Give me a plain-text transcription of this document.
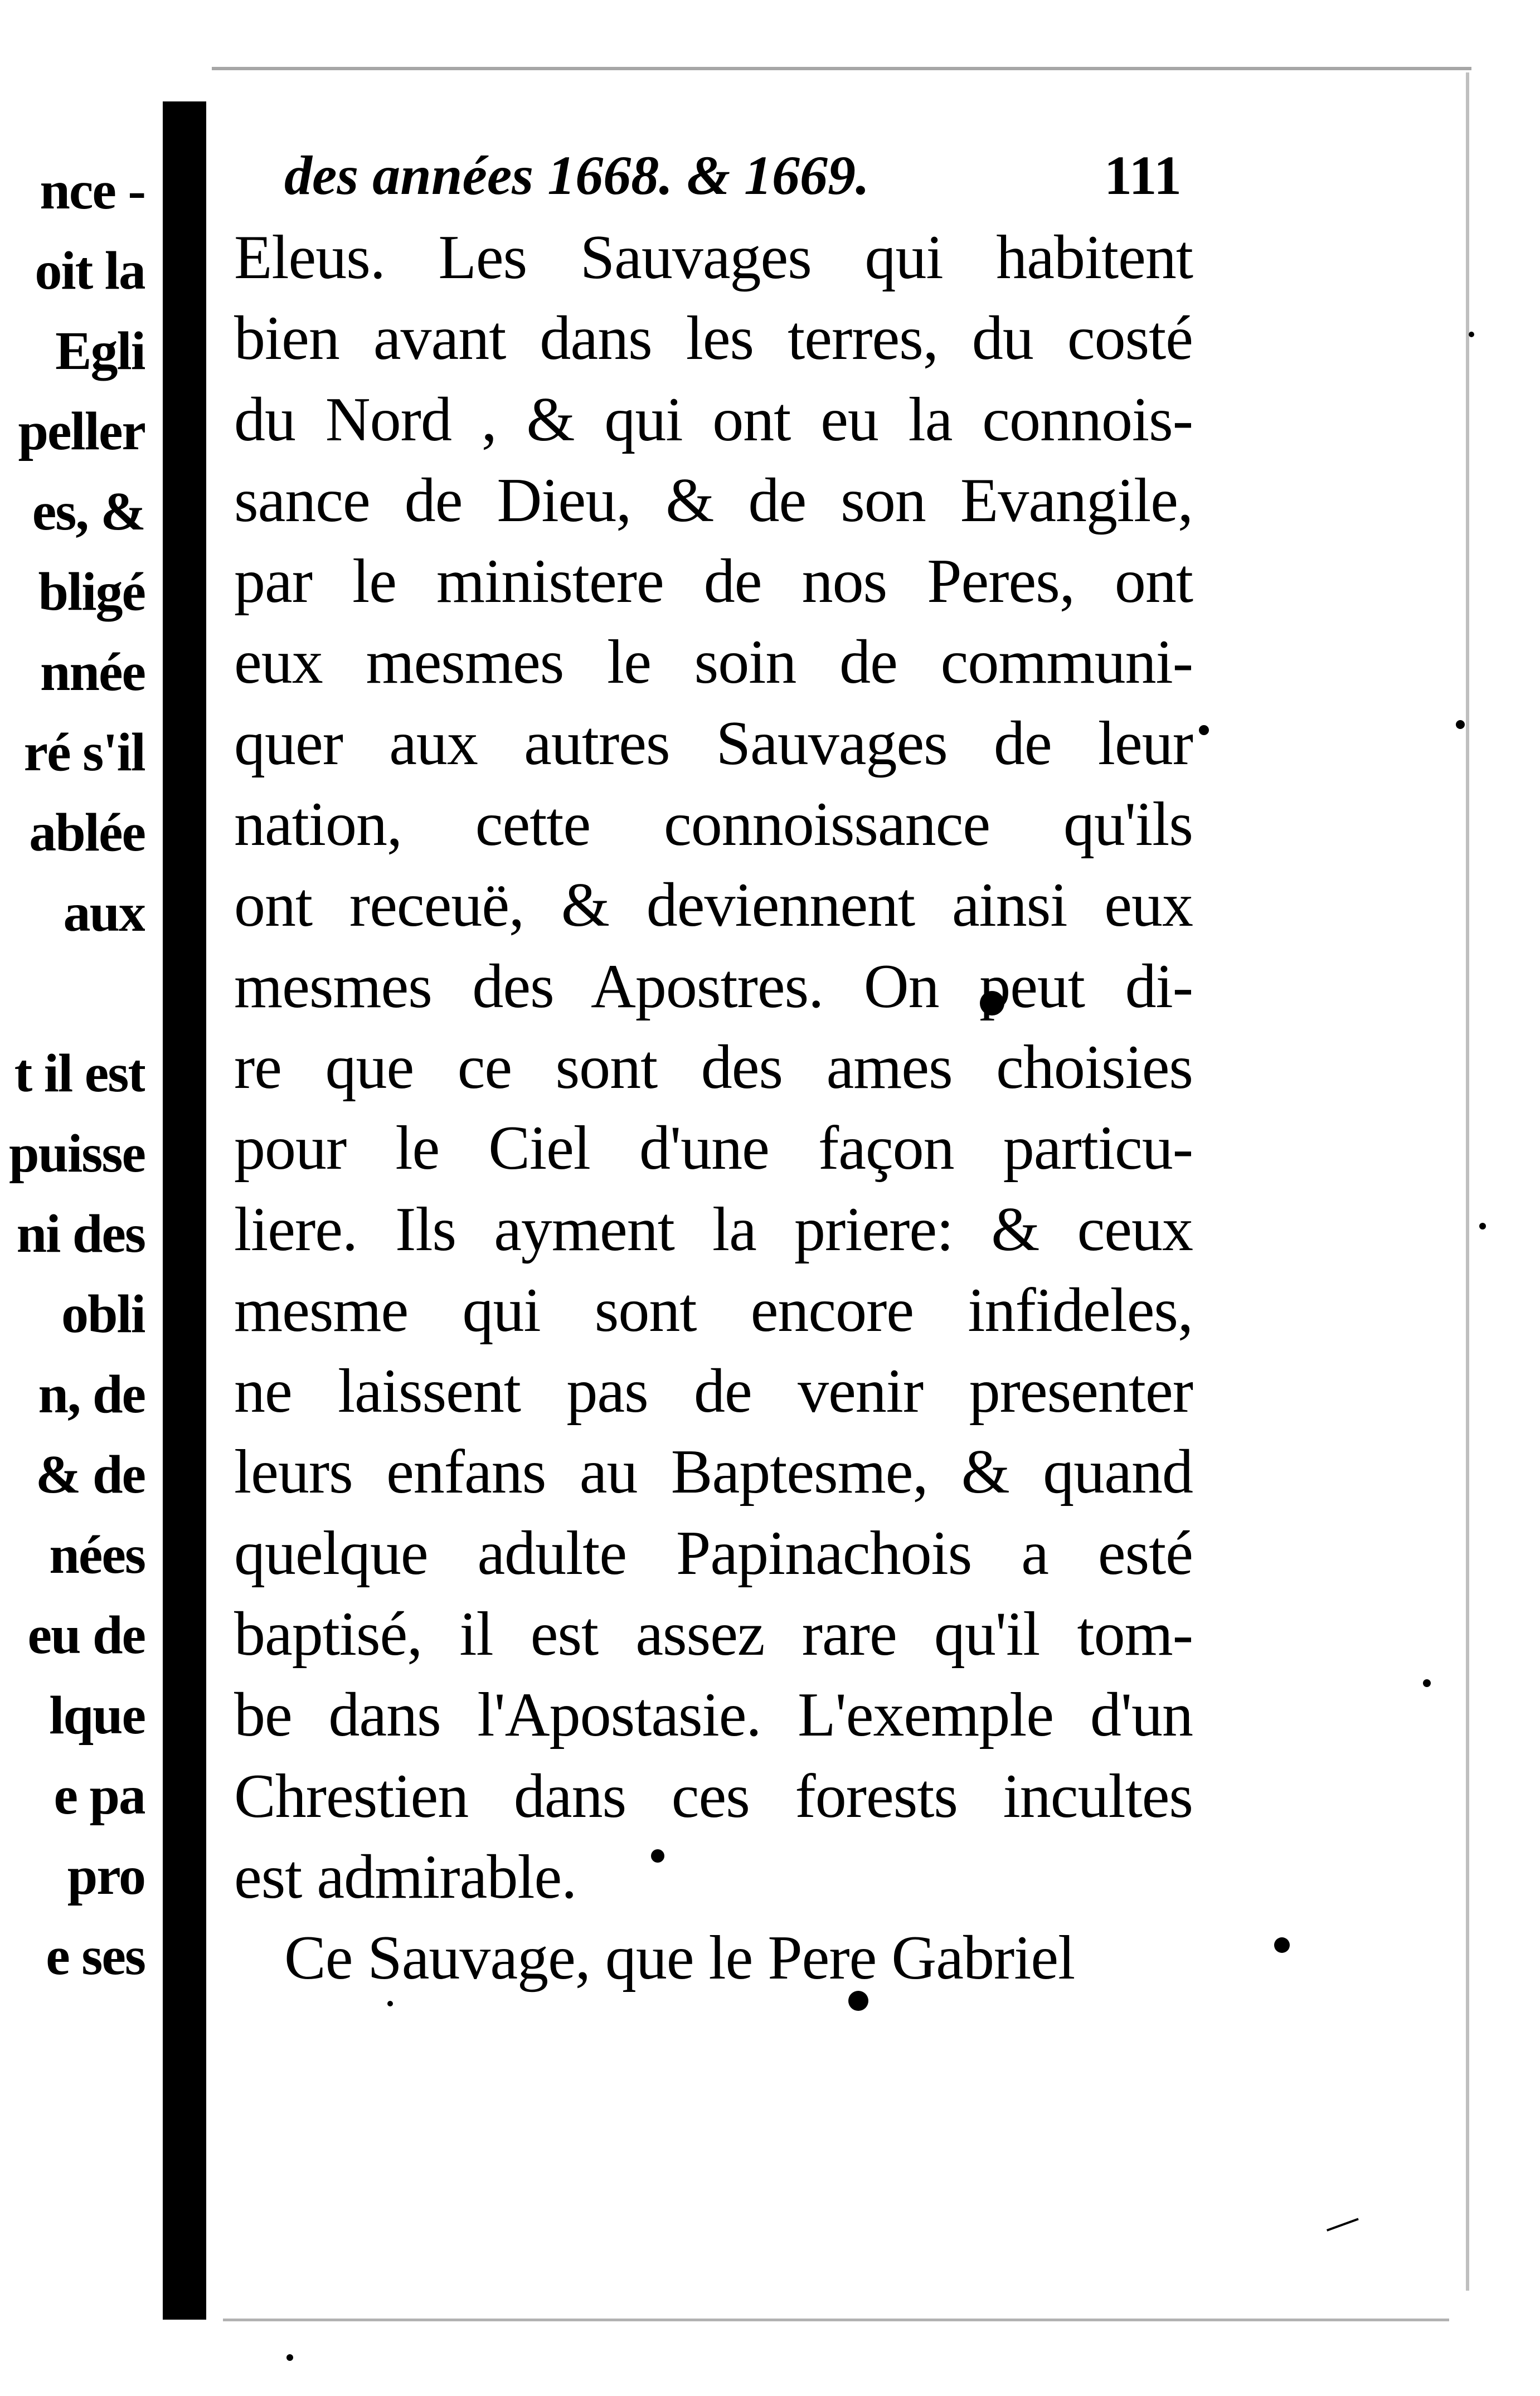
nce -
oit la
Egli
peller
es, &
bligé
nnée
ré s'il
ablée
aux
t il est
puisse
ni des
obli
n, de
& de
nées
eu de
lque
e pa
pro
e ses
des années 1668. & 1669.	111
Eleus. Les Sauvages qui habitent
bien avant dans les terres, du costé
du Nord , & qui ont eu la connois-
sance de Dieu, & de son Evangile,
par le ministere de nos Peres, ont
eux mesmes le soin de communi-
quer aux autres Sauvages de leur
nation, cette connoissance qu'ils
ont receuë, & deviennent ainsi eux
mesmes des Apostres. On peut di-
re que ce sont des ames choisies
pour le Ciel d'une façon particu-
liere. Ils ayment la priere: & ceux
mesme qui sont encore infideles,
ne laissent pas de venir presenter
leurs enfans au Baptesme, & quand
quelque adulte Papinachois a esté
baptisé, il est assez rare qu'il tom-
be dans l'Apostasie. L'exemple d'un
Chrestien dans ces forests incultes
est admirable.
Ce Sauvage, que le Pere Gabriel
